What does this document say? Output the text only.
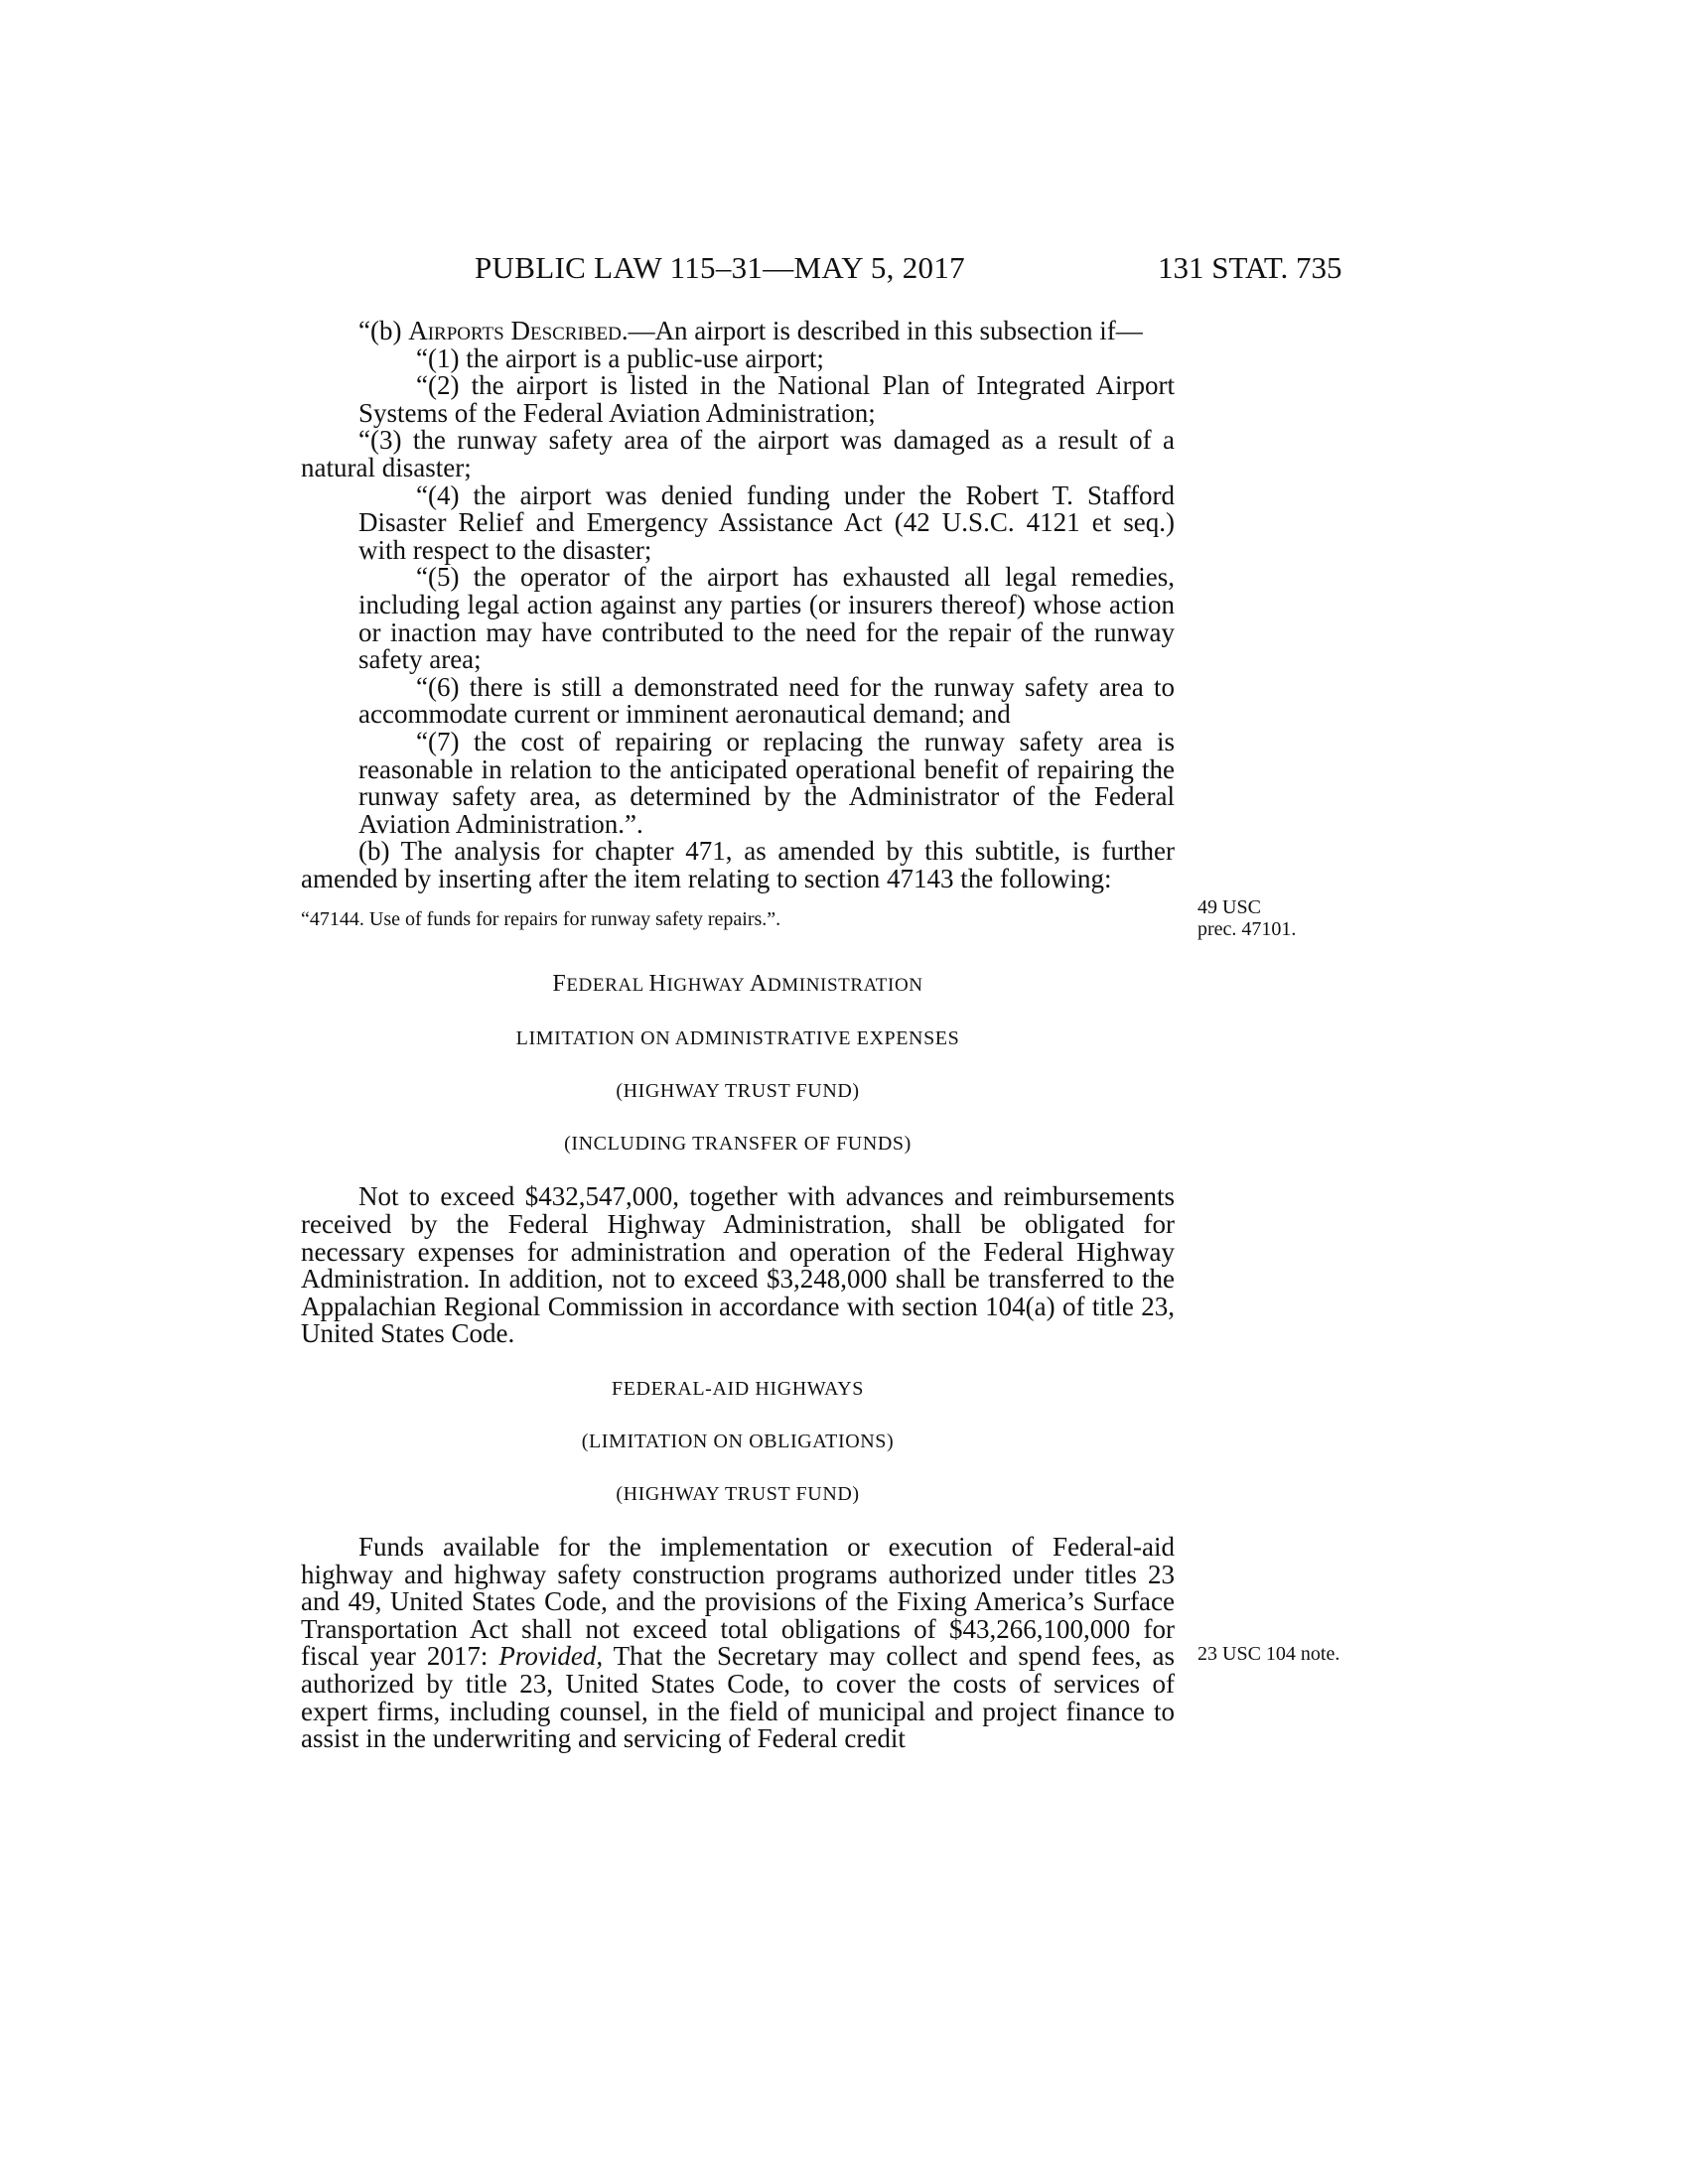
PUBLIC LAW 115–31—MAY 5, 2017	131 STAT. 735

“(b) Airports Described.—An airport is described in this subsection if—

“(1) the airport is a public-use airport;

“(2) the airport is listed in the National Plan of Integrated Airport Systems of the Federal Aviation Administration;

“(3) the runway safety area of the airport was damaged as a result of a natural disaster;

“(4) the airport was denied funding under the Robert T. Stafford Disaster Relief and Emergency Assistance Act (42 U.S.C. 4121 et seq.) with respect to the disaster;

“(5) the operator of the airport has exhausted all legal remedies, including legal action against any parties (or insurers thereof) whose action or inaction may have contributed to the need for the repair of the runway safety area;

“(6) there is still a demonstrated need for the runway safety area to accommodate current or imminent aeronautical demand; and

“(7) the cost of repairing or replacing the runway safety area is reasonable in relation to the anticipated operational benefit of repairing the runway safety area, as determined by the Administrator of the Federal Aviation Administration.”.

(b) The analysis for chapter 471, as amended by this subtitle, is further amended by inserting after the item relating to section 47143 the following:

“47144. Use of funds for repairs for runway safety repairs.”.

FEDERAL HIGHWAY ADMINISTRATION

LIMITATION ON ADMINISTRATIVE EXPENSES

(HIGHWAY TRUST FUND)

(INCLUDING TRANSFER OF FUNDS)

Not to exceed $432,547,000, together with advances and reimbursements received by the Federal Highway Administration, shall be obligated for necessary expenses for administration and operation of the Federal Highway Administration. In addition, not to exceed $3,248,000 shall be transferred to the Appalachian Regional Commission in accordance with section 104(a) of title 23, United States Code.

FEDERAL-AID HIGHWAYS

(LIMITATION ON OBLIGATIONS)

(HIGHWAY TRUST FUND)

Funds available for the implementation or execution of Federal-aid highway and highway safety construction programs authorized under titles 23 and 49, United States Code, and the provisions of the Fixing America’s Surface Transportation Act shall not exceed total obligations of $43,266,100,000 for fiscal year 2017: Provided, That the Secretary may collect and spend fees, as authorized by title 23, United States Code, to cover the costs of services of expert firms, including counsel, in the field of municipal and project finance to assist in the underwriting and servicing of Federal credit

49 USC
prec. 47101.
23 USC 104 note.
